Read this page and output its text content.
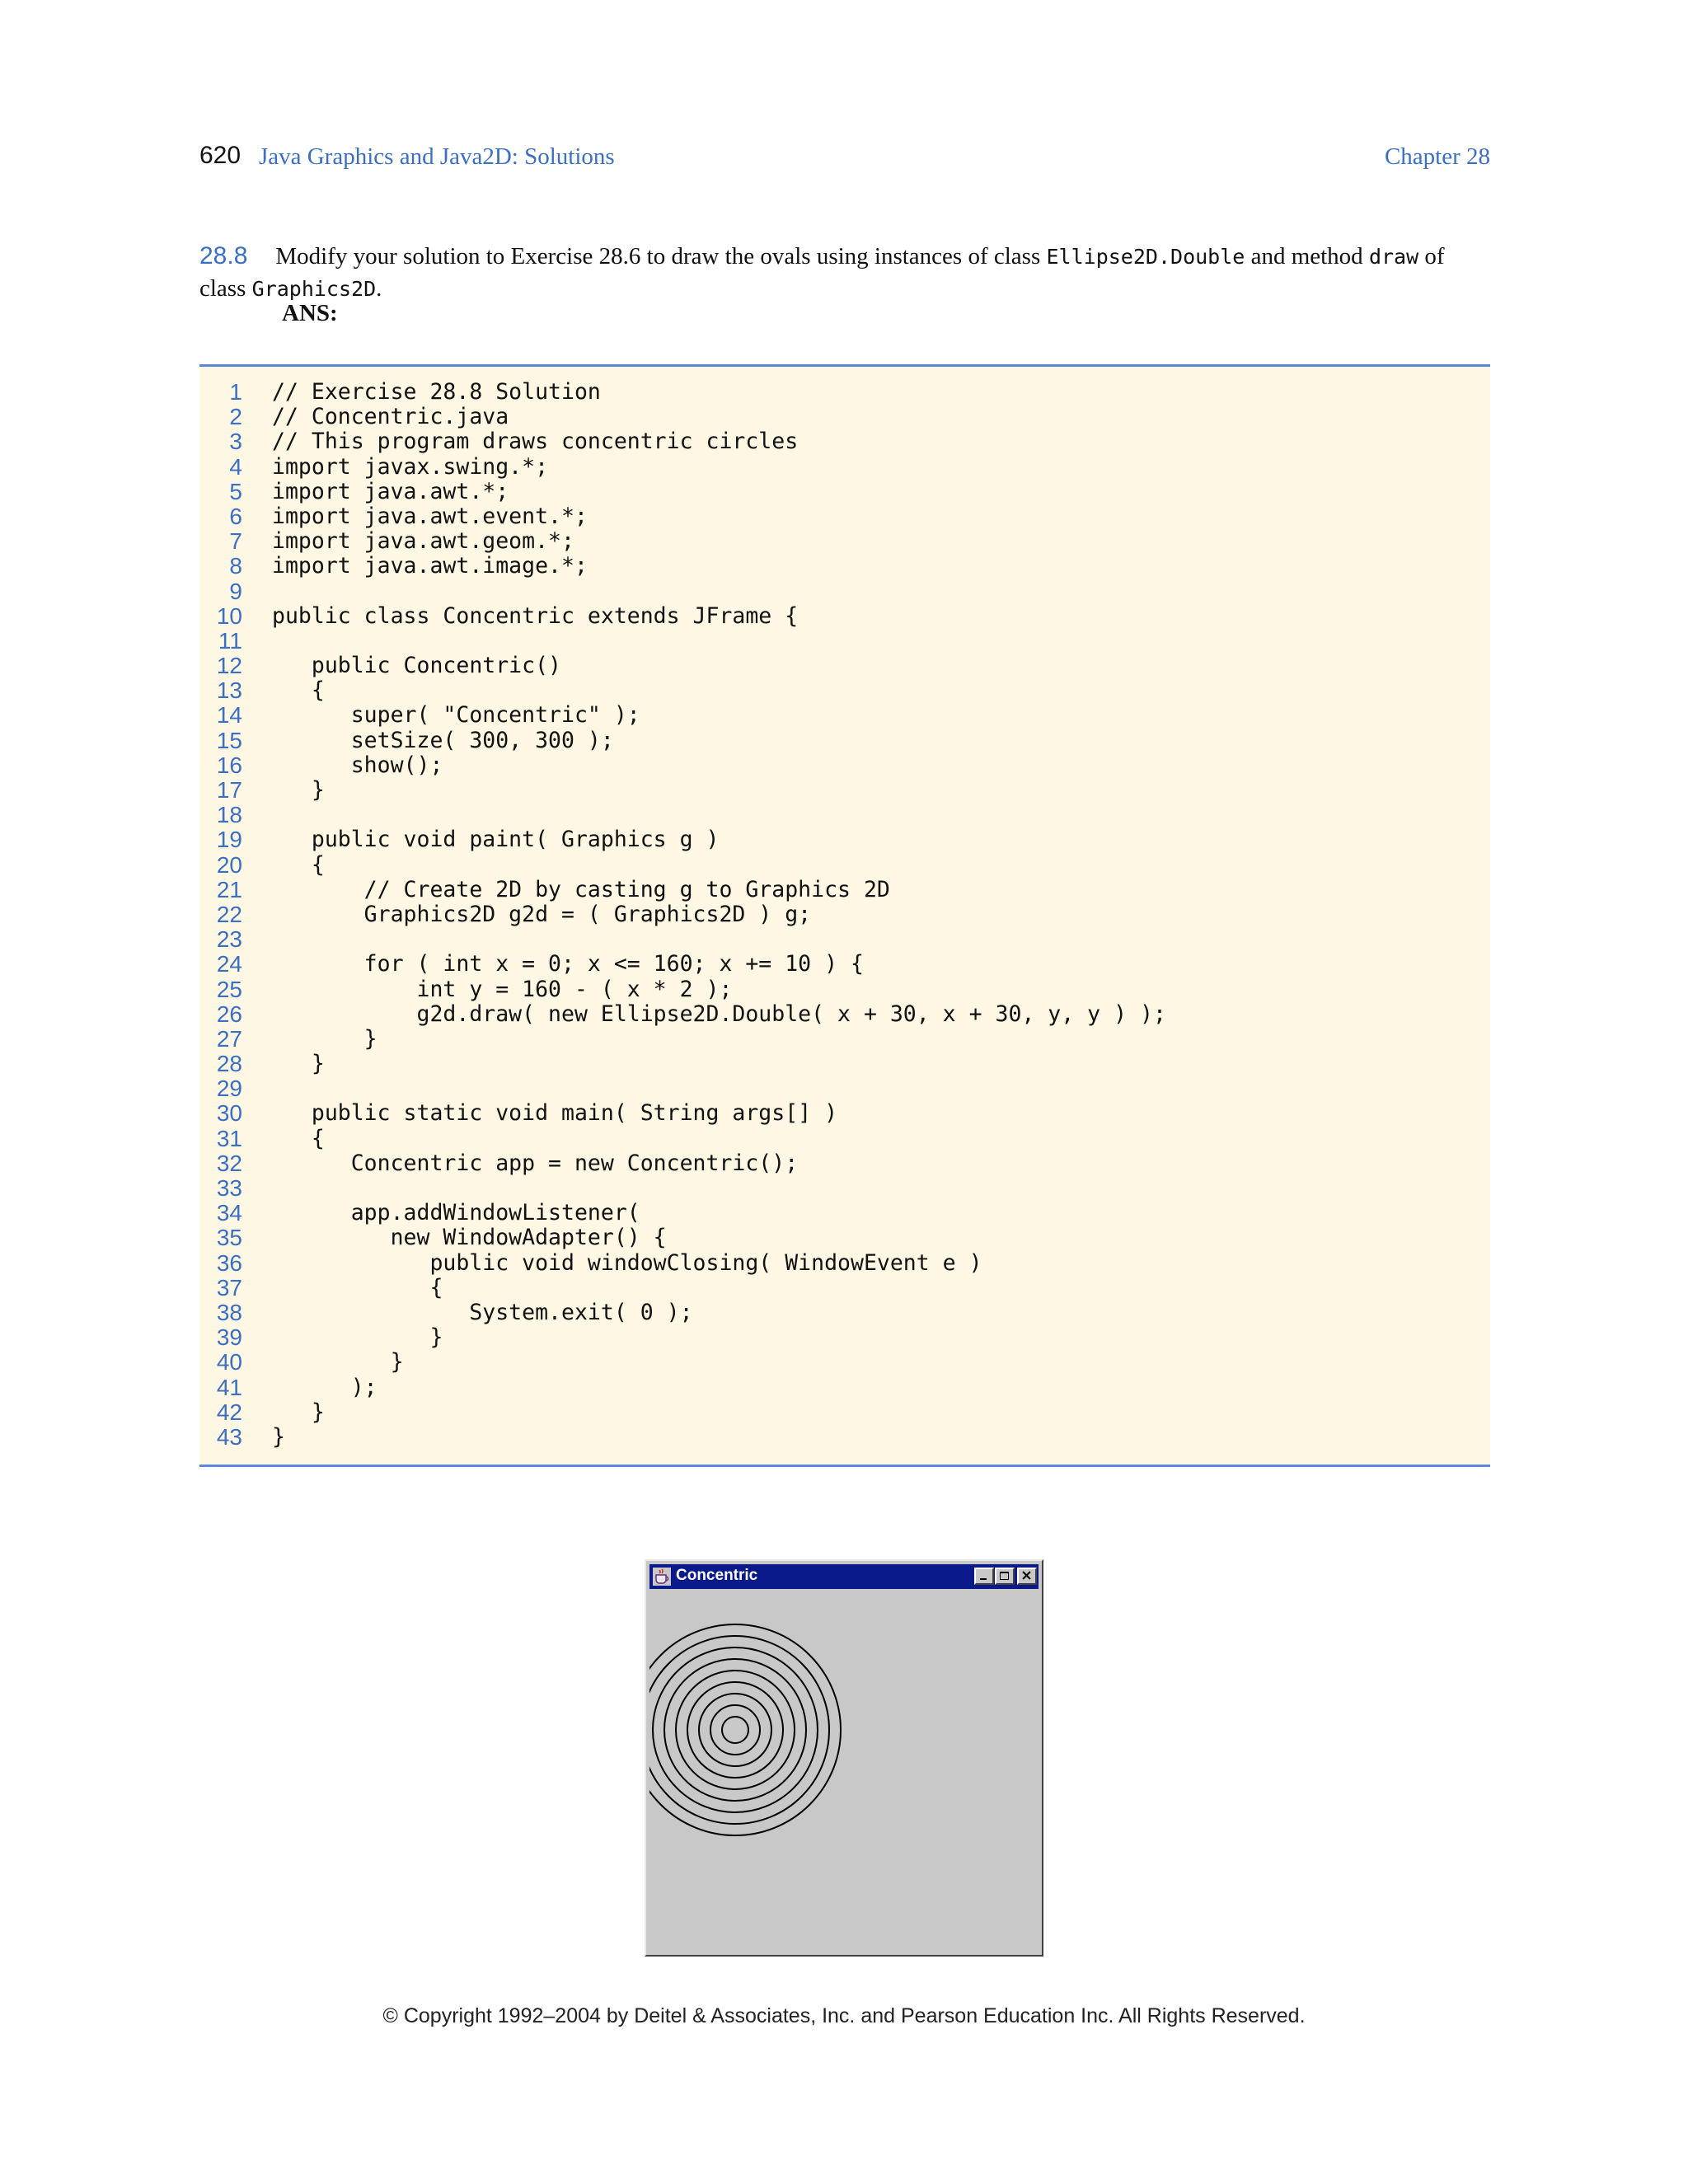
620 Java Graphics and Java2D: Solutions	Chapter 28
28.8 Modify your solution to Exercise 28.6 to draw the ovals using instances of class Ellipse2D.Double and method draw of class Graphics2D.
ANS:
1 // Exercise 28.8 Solution
2 // Concentric.java
3 // This program draws concentric circles
4 import javax.swing.*;
5 import java.awt.*;
6 import java.awt.event.*;
7 import java.awt.geom.*;
8 import java.awt.image.*;
9
10 public class Concentric extends JFrame {
11
12 public Concentric()
13 {
14 super( "Concentric" );
15 setSize( 300, 300 );
16 show();
17 }
18
19 public void paint( Graphics g )
20 {
21 // Create 2D by casting g to Graphics 2D
22 Graphics2D g2d = ( Graphics2D ) g;
23
24 for ( int x = 0; x <= 160; x += 10 ) {
25 int y = 160 - ( x * 2 );
26 g2d.draw( new Ellipse2D.Double( x + 30, x + 30, y, y ) );
27 }
28 }
29
30 public static void main( String args[] )
31 {
32 Concentric app = new Concentric();
33
34 app.addWindowListener(
35 new WindowAdapter() {
36 public void windowClosing( WindowEvent e )
37 {
38 System.exit( 0 );
39 }
40 }
41 );
42 }
43 }
Concentric
© Copyright 1992–2004 by Deitel & Associates, Inc. and Pearson Education Inc. All Rights Reserved.
